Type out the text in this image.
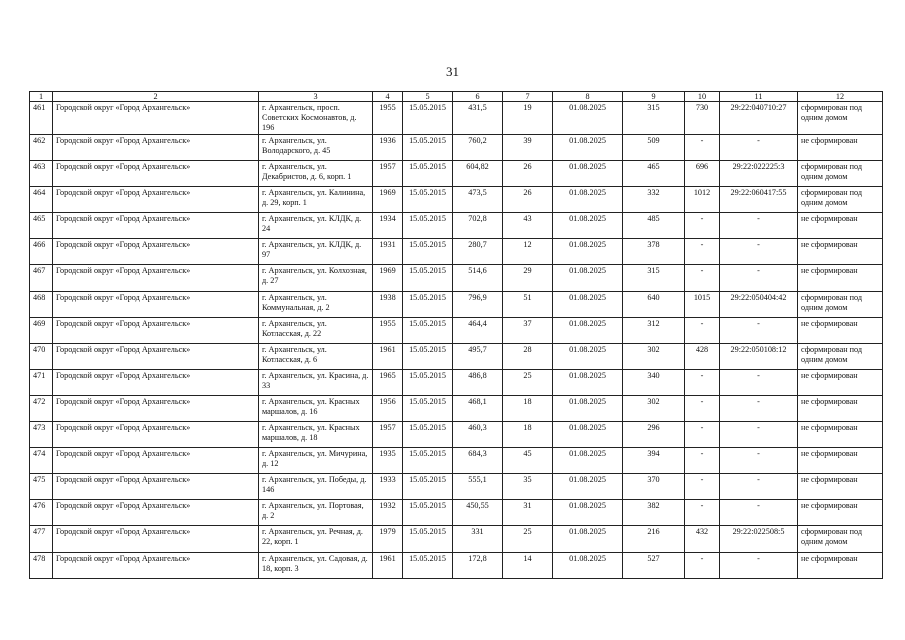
31
1	2	3	4	5	6	7	8	9	10	11	12
461	Городской округ «Город Архангельск»	г. Архангельск, просп. Советских Космонавтов, д. 196	1955	15.05.2015	431,5	19	01.08.2025	315	730	29:22:040710:27	сформирован под одним домом
462	Городской округ «Город Архангельск»	г. Архангельск, ул. Володарского, д. 45	1936	15.05.2015	760,2	39	01.08.2025	509	-	-	не сформирован
463	Городской округ «Город Архангельск»	г. Архангельск, ул. Декабристов, д. 6, корп. 1	1957	15.05.2015	604,82	26	01.08.2025	465	696	29:22:022225:3	сформирован под одним домом
464	Городской округ «Город Архангельск»	г. Архангельск, ул. Калинина, д. 29, корп. 1	1969	15.05.2015	473,5	26	01.08.2025	332	1012	29:22:060417:55	сформирован под одним домом
465	Городской округ «Город Архангельск»	г. Архангельск, ул. КЛДК, д. 24	1934	15.05.2015	702,8	43	01.08.2025	485	-	-	не сформирован
466	Городской округ «Город Архангельск»	г. Архангельск, ул. КЛДК, д. 97	1931	15.05.2015	280,7	12	01.08.2025	378	-	-	не сформирован
467	Городской округ «Город Архангельск»	г. Архангельск, ул. Колхозная, д. 27	1969	15.05.2015	514,6	29	01.08.2025	315	-	-	не сформирован
468	Городской округ «Город Архангельск»	г. Архангельск, ул. Коммунальная, д. 2	1938	15.05.2015	796,9	51	01.08.2025	640	1015	29:22:050404:42	сформирован под одним домом
469	Городской округ «Город Архангельск»	г. Архангельск, ул. Котласская, д. 22	1955	15.05.2015	464,4	37	01.08.2025	312	-	-	не сформирован
470	Городской округ «Город Архангельск»	г. Архангельск, ул. Котласская, д. 6	1961	15.05.2015	495,7	28	01.08.2025	302	428	29:22:050108:12	сформирован под одним домом
471	Городской округ «Город Архангельск»	г. Архангельск, ул. Красина, д. 33	1965	15.05.2015	486,8	25	01.08.2025	340	-	-	не сформирован
472	Городской округ «Город Архангельск»	г. Архангельск, ул. Красных маршалов, д. 16	1956	15.05.2015	468,1	18	01.08.2025	302	-	-	не сформирован
473	Городской округ «Город Архангельск»	г. Архангельск, ул. Красных маршалов, д. 18	1957	15.05.2015	460,3	18	01.08.2025	296	-	-	не сформирован
474	Городской округ «Город Архангельск»	г. Архангельск, ул. Мичурина, д. 12	1935	15.05.2015	684,3	45	01.08.2025	394	-	-	не сформирован
475	Городской округ «Город Архангельск»	г. Архангельск, ул. Победы, д. 146	1933	15.05.2015	555,1	35	01.08.2025	370	-	-	не сформирован
476	Городской округ «Город Архангельск»	г. Архангельск, ул. Портовая, д. 2	1932	15.05.2015	450,55	31	01.08.2025	382	-	-	не сформирован
477	Городской округ «Город Архангельск»	г. Архангельск, ул. Речная, д. 22, корп. 1	1979	15.05.2015	331	25	01.08.2025	216	432	29:22:022508:5	сформирован под одним домом
478	Городской округ «Город Архангельск»	г. Архангельск, ул. Садовая, д. 18, корп. 3	1961	15.05.2015	172,8	14	01.08.2025	527	-	-	не сформирован
